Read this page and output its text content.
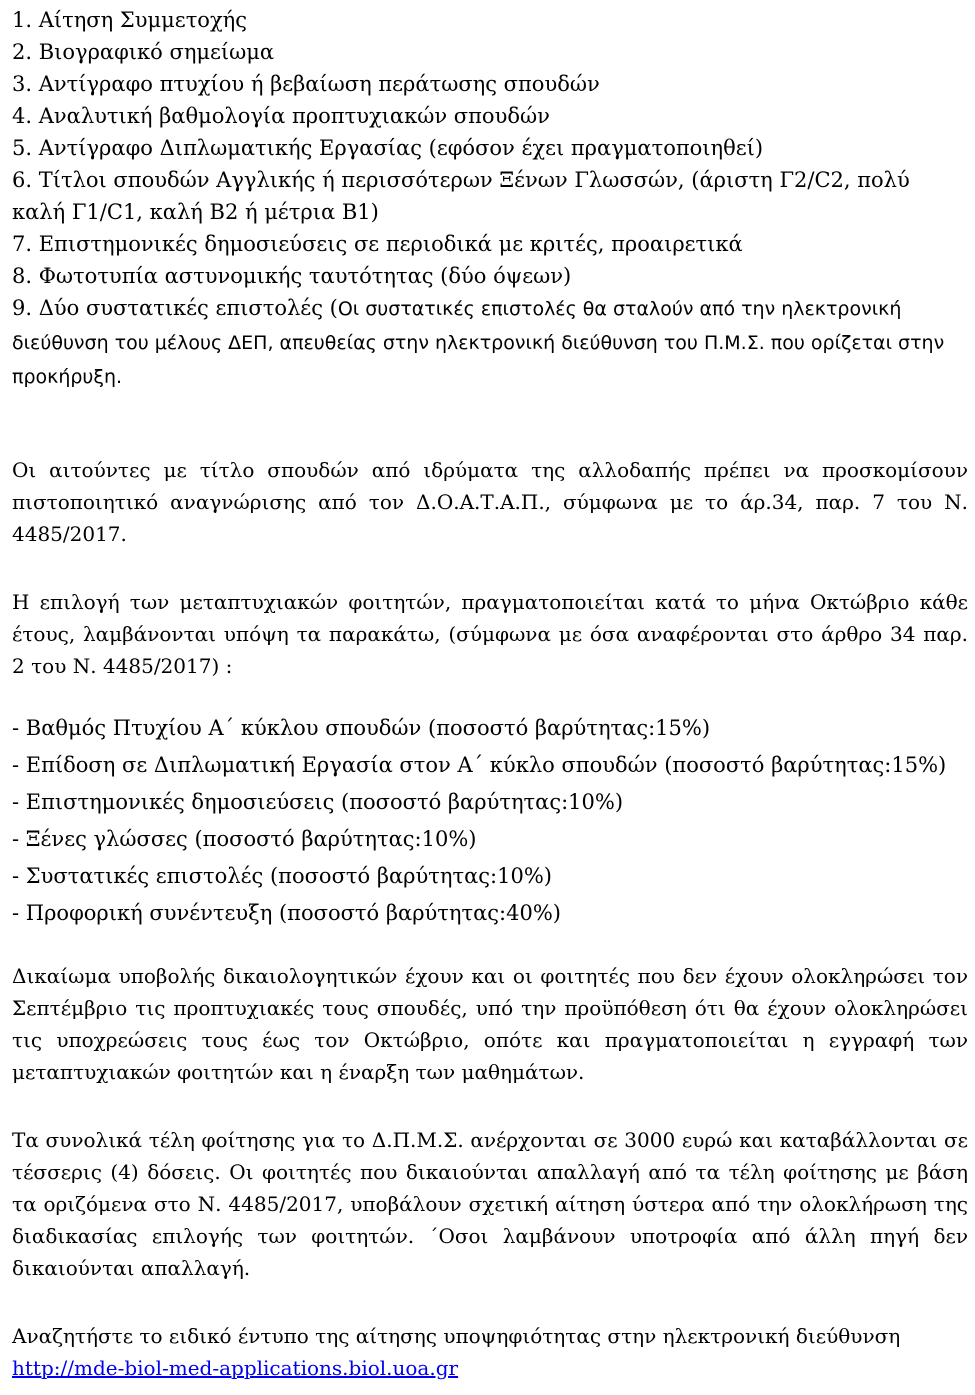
1. Αίτηση Συμμετοχής
2. Βιογραφικό σημείωμα
3. Αντίγραφο πτυχίου ή βεβαίωση περάτωσης σπουδών
4. Αναλυτική βαθμολογία προπτυχιακών σπουδών
5. Αντίγραφο Διπλωματικής Εργασίας (εφόσον έχει πραγματοποιηθεί)
6. Τίτλοι σπουδών Αγγλικής ή περισσότερων Ξένων Γλωσσών, (άριστη Γ2/C2, πολύ καλή Γ1/C1, καλή Β2 ή μέτρια Β1)
7. Επιστημονικές δημοσιεύσεις σε περιοδικά με κριτές, προαιρετικά
8. Φωτοτυπία αστυνομικής ταυτότητας (δύο όψεων)
9. Δύο συστατικές επιστολές (Οι συστατικές επιστολές θα σταλούν από την ηλεκτρονική διεύθυνση του μέλους ΔΕΠ, απευθείας στην ηλεκτρονική διεύθυνση του Π.Μ.Σ. που ορίζεται στην προκήρυξη.

Οι αιτούντες με τίτλο σπουδών από ιδρύματα της αλλοδαπής πρέπει να προσκομίσουν πιστοποιητικό αναγνώρισης από τον Δ.Ο.Α.Τ.Α.Π., σύμφωνα με το άρ.34, παρ. 7 του Ν. 4485/2017.

Η επιλογή των μεταπτυχιακών φοιτητών, πραγματοποιείται κατά το μήνα Οκτώβριο κάθε έτους, λαμβάνονται υπόψη τα παρακάτω, (σύμφωνα με όσα αναφέρονται στο άρθρο 34 παρ. 2 του Ν. 4485/2017) :

- Βαθμός Πτυχίου Α΄ κύκλου σπουδών (ποσοστό βαρύτητας:15%)
- Επίδοση σε Διπλωματική Εργασία στον Α΄ κύκλο σπουδών (ποσοστό βαρύτητας:15%)
- Επιστημονικές δημοσιεύσεις (ποσοστό βαρύτητας:10%)
- Ξένες γλώσσες (ποσοστό βαρύτητας:10%)
- Συστατικές επιστολές (ποσοστό βαρύτητας:10%)
- Προφορική συνέντευξη (ποσοστό βαρύτητας:40%)

Δικαίωμα υποβολής δικαιολογητικών έχουν και οι φοιτητές που δεν έχουν ολοκληρώσει τον Σεπτέμβριο τις προπτυχιακές τους σπουδές, υπό την προϋπόθεση ότι θα έχουν ολοκληρώσει τις υποχρεώσεις τους έως τον Οκτώβριο, οπότε και πραγματοποιείται η εγγραφή των μεταπτυχιακών φοιτητών και η έναρξη των μαθημάτων.

Τα συνολικά τέλη φοίτησης για το Δ.Π.Μ.Σ. ανέρχονται σε 3000 ευρώ και καταβάλλονται σε τέσσερις (4) δόσεις. Οι φοιτητές που δικαιούνται απαλλαγή από τα τέλη φοίτησης με βάση τα οριζόμενα στο Ν. 4485/2017, υποβάλουν σχετική αίτηση ύστερα από την ολοκλήρωση της διαδικασίας επιλογής των φοιτητών. ΄Οσοι λαμβάνουν υποτροφία από άλλη πηγή δεν δικαιούνται απαλλαγή.

Αναζητήστε το ειδικό έντυπο της αίτησης υποψηφιότητας στην ηλεκτρονική διεύθυνση

http://mde-biol-med-applications.biol.uoa.gr
